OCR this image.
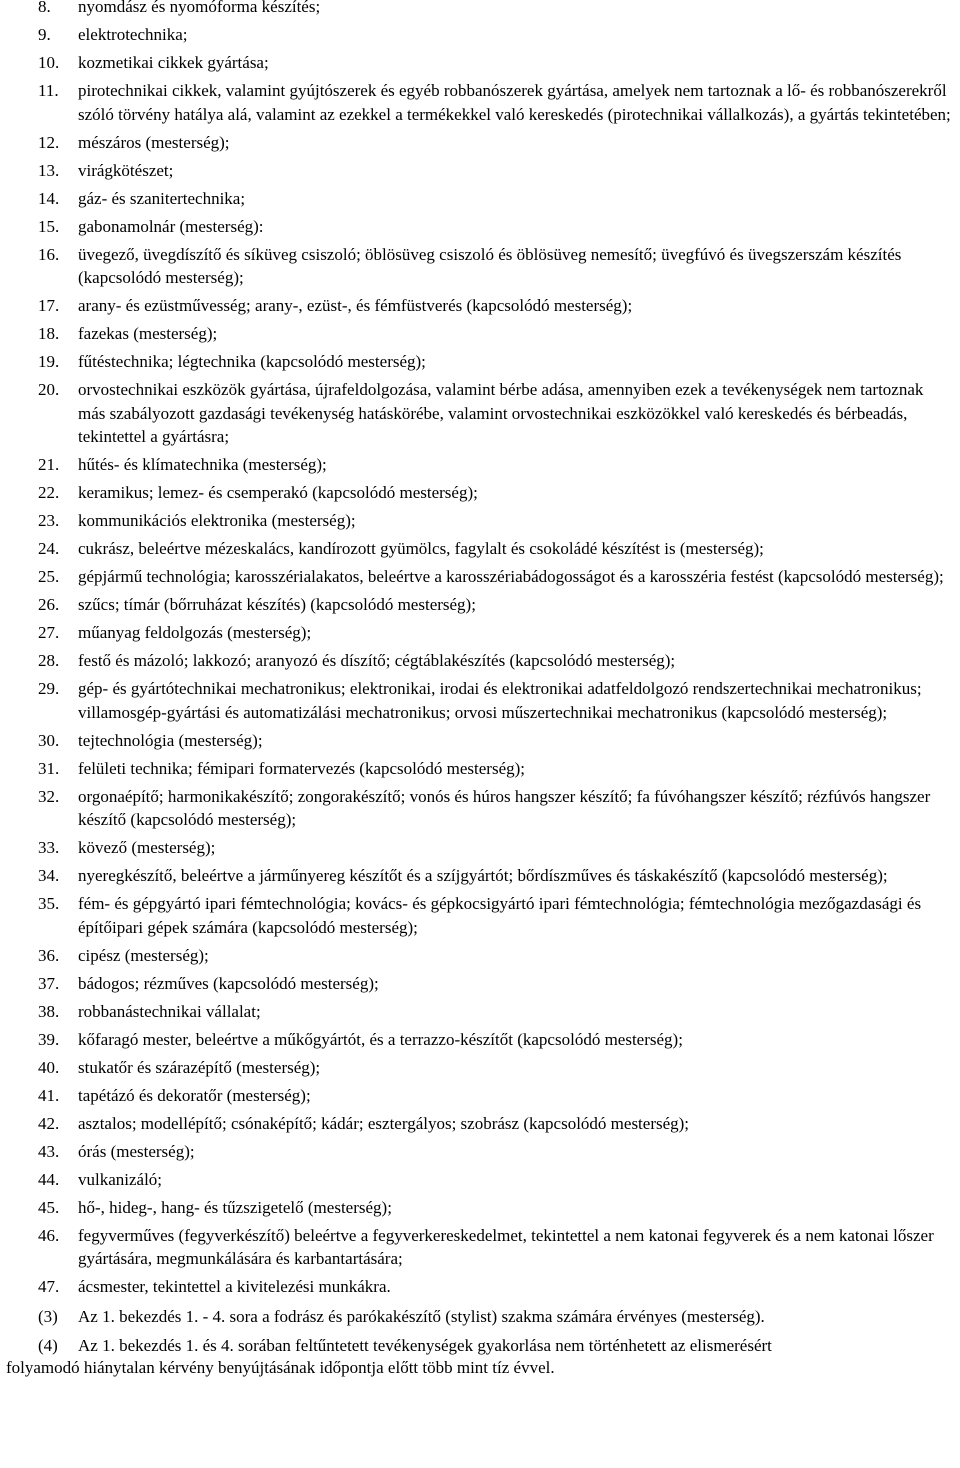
8.	nyomdász és nyomóforma készítés;
9.	elektrotechnika;
10.	kozmetikai cikkek gyártása;
11.	pirotechnikai cikkek, valamint gyújtószerek és egyéb robbanószerek gyártása, amelyek nem tartoznak a lő- és robbanószerekről szóló törvény hatálya alá, valamint az ezekkel a termékekkel való kereskedés (pirotechnikai vállalkozás), a gyártás tekintetében;
12.	mészáros (mesterség);
13.	virágkötészet;
14.	gáz- és szanitertechnika;
15.	gabonamolnár (mesterség):
16.	üvegező, üvegdíszítő és síküveg csiszoló; öblösüveg csiszoló és öblösüveg nemesítő; üvegfúvó és üvegszerszám készítés (kapcsolódó mesterség);
17.	arany- és ezüstművesség; arany-, ezüst-, és fémfüstverés (kapcsolódó mesterség);
18.	fazekas (mesterség);
19.	fűtéstechnika; légtechnika (kapcsolódó mesterség);
20.	orvostechnikai eszközök gyártása, újrafeldolgozása, valamint bérbe adása, amennyiben ezek a tevékenységek nem tartoznak más szabályozott gazdasági tevékenység hatáskörébe, valamint orvostechnikai eszközökkel való kereskedés és bérbeadás, tekintettel a gyártásra;
21.	hűtés- és klímatechnika (mesterség);
22.	keramikus; lemez- és csemperakó (kapcsolódó mesterség);
23.	kommunikációs elektronika (mesterség);
24.	cukrász, beleértve mézeskalács, kandírozott gyümölcs, fagylalt és csokoládé készítést is (mesterség);
25.	gépjármű technológia; karosszérialakatos, beleértve a karosszériabádogosságot és a karosszéria festést (kapcsolódó mesterség);
26.	szűcs; tímár (bőrruházat készítés) (kapcsolódó mesterség);
27.	műanyag feldolgozás (mesterség);
28.	festő és mázoló; lakkozó; aranyozó és díszítő; cégtáblakészítés (kapcsolódó mesterség);
29.	gép- és gyártótechnikai mechatronikus; elektronikai, irodai és elektronikai adatfeldolgozó rendszertechnikai mechatronikus; villamosgép-gyártási és automatizálási mechatronikus; orvosi műszertechnikai mechatronikus (kapcsolódó mesterség);
30.	tejtechnológia (mesterség);
31.	felületi technika; fémipari formatervezés (kapcsolódó mesterség);
32.	orgonaépítő; harmonikakészítő; zongorakészítő; vonós és húros hangszer készítő; fa fúvóhangszer készítő; rézfúvós hangszer készítő (kapcsolódó mesterség);
33.	kövező (mesterség);
34.	nyeregkészítő, beleértve a járműnyereg készítőt és a szíjgyártót; bőrdíszműves és táskakészítő (kapcsolódó mesterség);
35.	fém- és gépgyártó ipari fémtechnológia; kovács- és gépkocsigyártó ipari fémtechnológia; fémtechnológia mezőgazdasági és építőipari gépek számára (kapcsolódó mesterség);
36.	cipész (mesterség);
37.	bádogos; rézműves (kapcsolódó mesterség);
38.	robbanástechnikai vállalat;
39.	kőfaragó mester, beleértve a műkőgyártót, és a terrazzo-készítőt (kapcsolódó mesterség);
40.	stukatőr és szárazépítő (mesterség);
41.	tapétázó és dekoratőr (mesterség);
42.	asztalos; modellépítő; csónaképítő; kádár; esztergályos; szobrász (kapcsolódó mesterség);
43.	órás (mesterség);
44.	vulkanizáló;
45.	hő-, hideg-, hang- és tűzszigetelő (mesterség);
46.	fegyverműves (fegyverkészítő) beleértve a fegyverkereskedelmet, tekintettel a nem katonai fegyverek és a nem katonai lőszer gyártására, megmunkálására és karbantartására;
47.	ácsmester, tekintettel a kivitelezési munkákra.
(3)	Az 1. bekezdés 1. - 4. sora a fodrász és parókakészítő (stylist) szakma számára érvényes (mesterség).
(4)	Az 1. bekezdés 1. és 4. sorában feltűntetett tevékenységek gyakorlása nem történhetett az elismerésért
folyamodó hiánytalan kérvény benyújtásának időpontja előtt több mint tíz évvel.
